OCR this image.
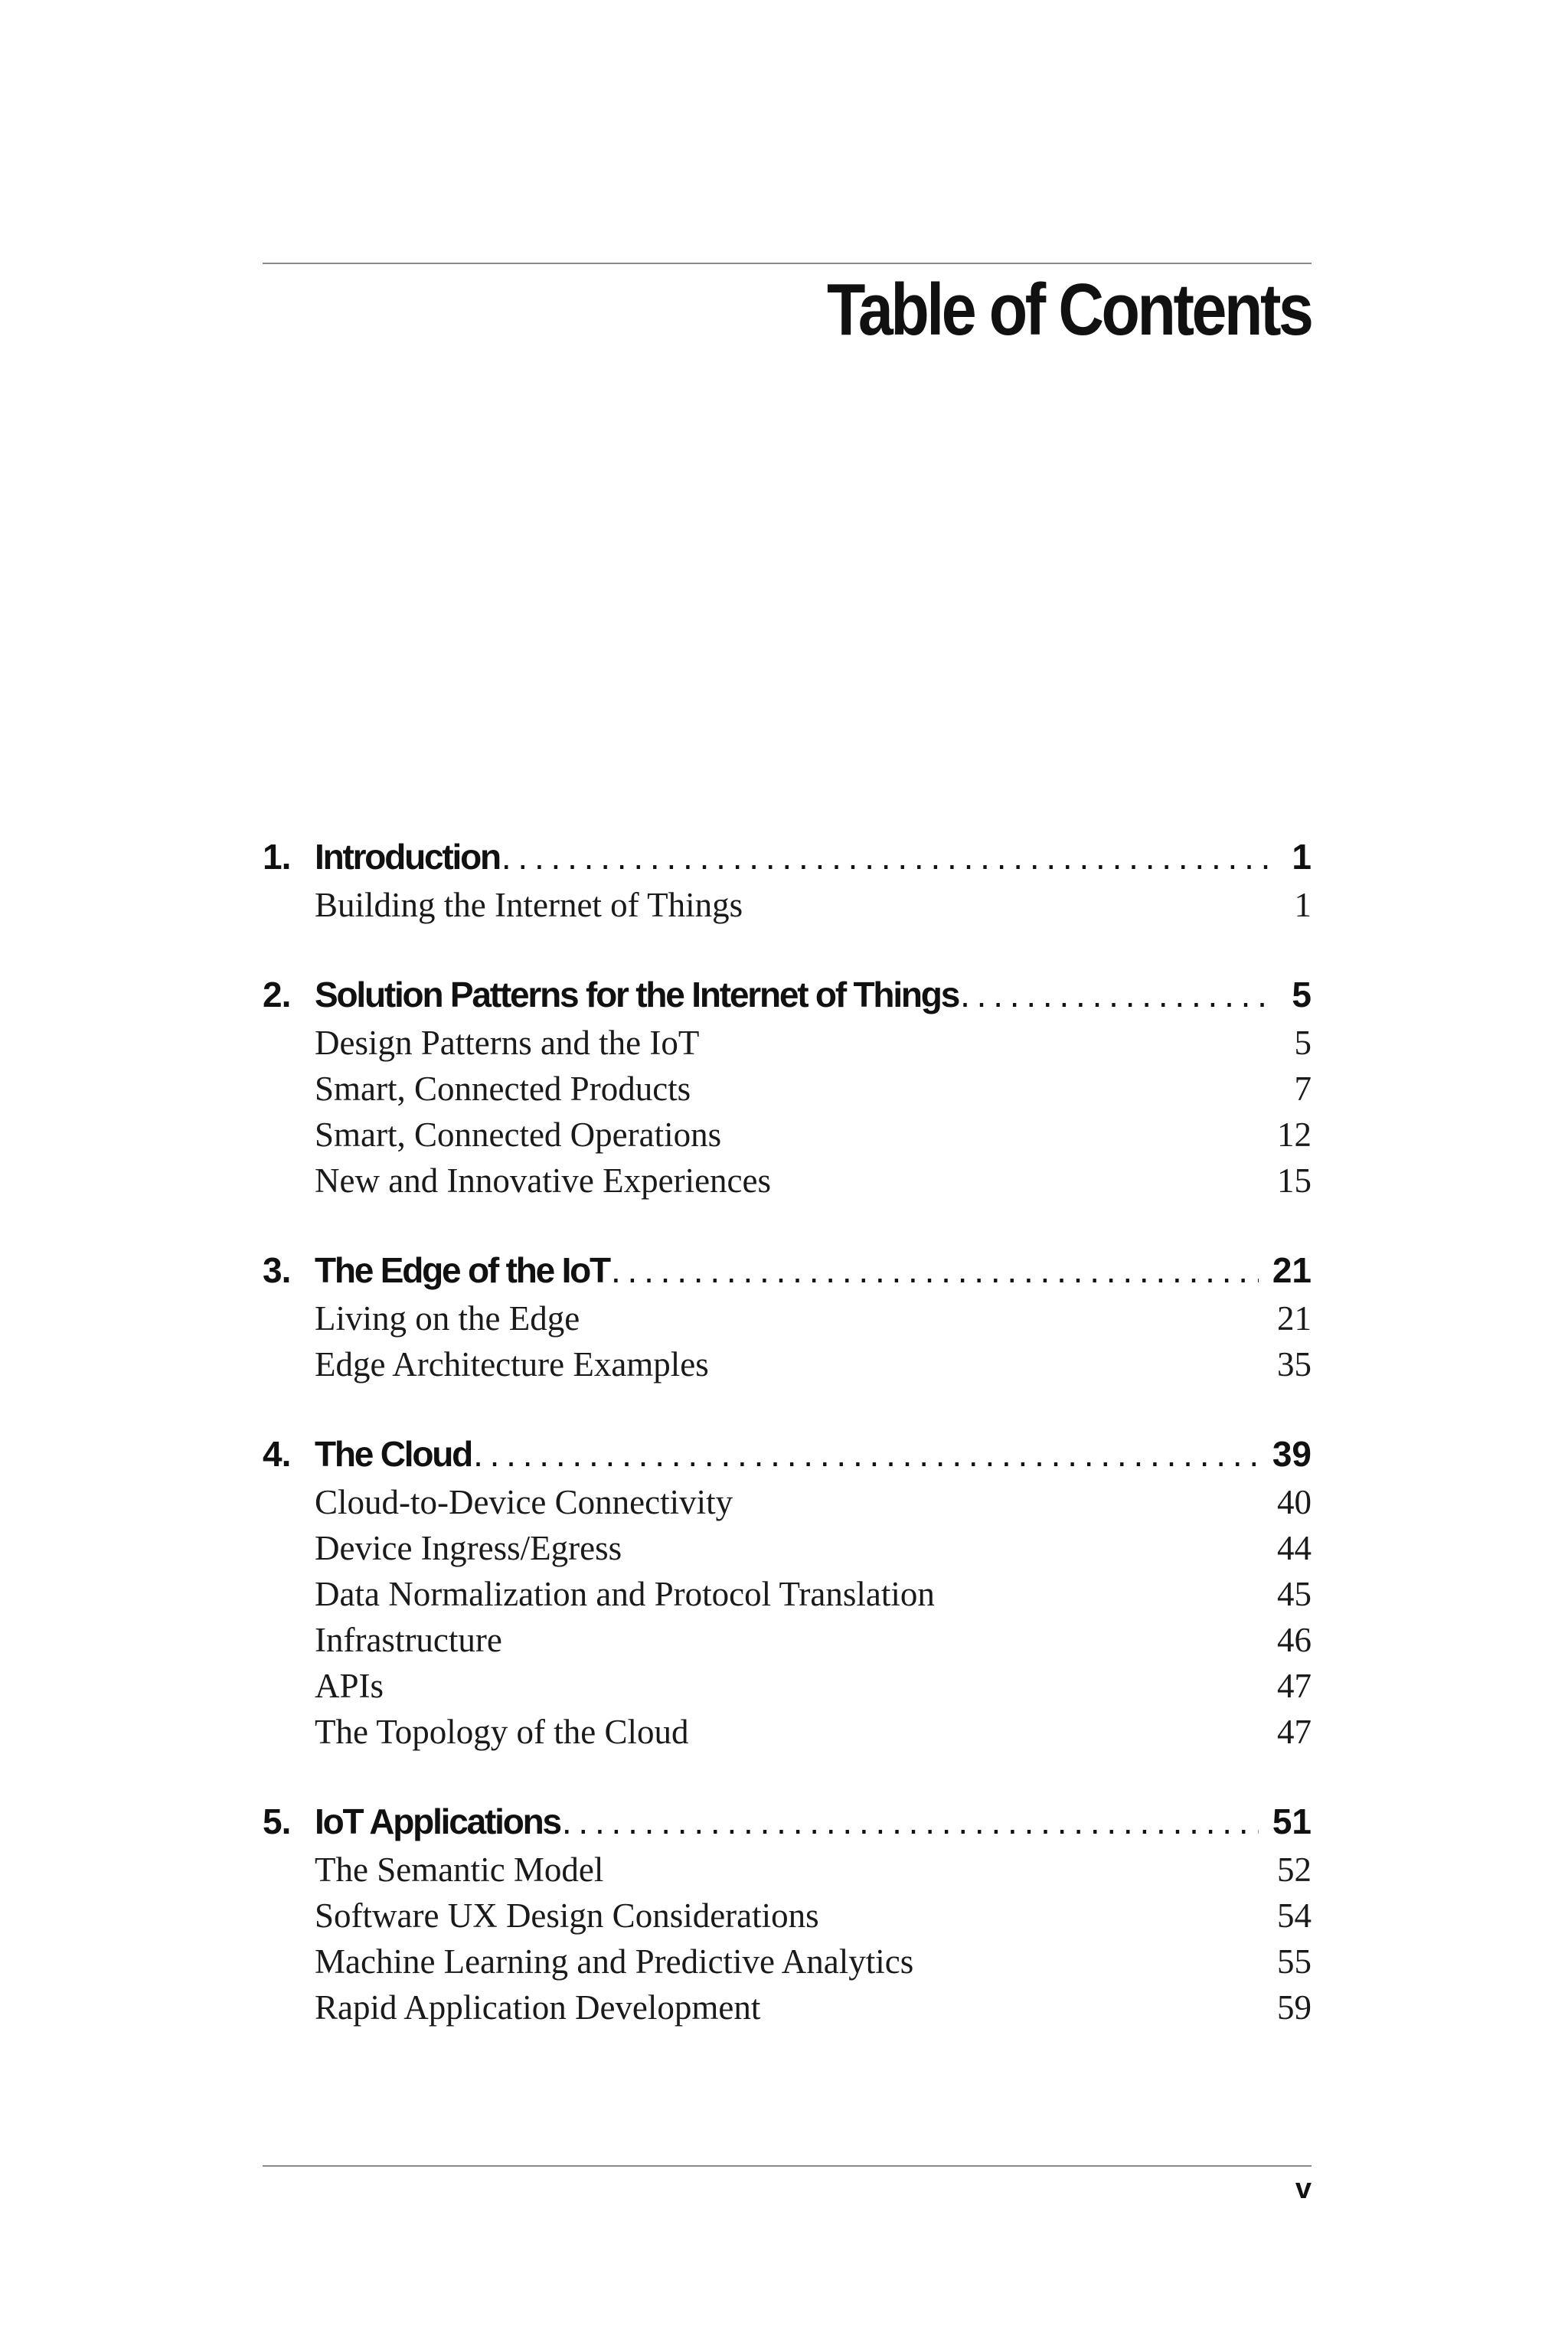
Table of Contents
1. Introduction . . .	1
Building the Internet of Things	1
2. Solution Patterns for the Internet of Things . . .	5
Design Patterns and the IoT	5
Smart, Connected Products	7
Smart, Connected Operations	12
New and Innovative Experiences	15
3. The Edge of the IoT . . .	21
Living on the Edge	21
Edge Architecture Examples	35
4. The Cloud . . .	39
Cloud-to-Device Connectivity	40
Device Ingress/Egress	44
Data Normalization and Protocol Translation	45
Infrastructure	46
APIs	47
The Topology of the Cloud	47
5. IoT Applications . . .	51
The Semantic Model	52
Software UX Design Considerations	54
Machine Learning and Predictive Analytics	55
Rapid Application Development	59
v
